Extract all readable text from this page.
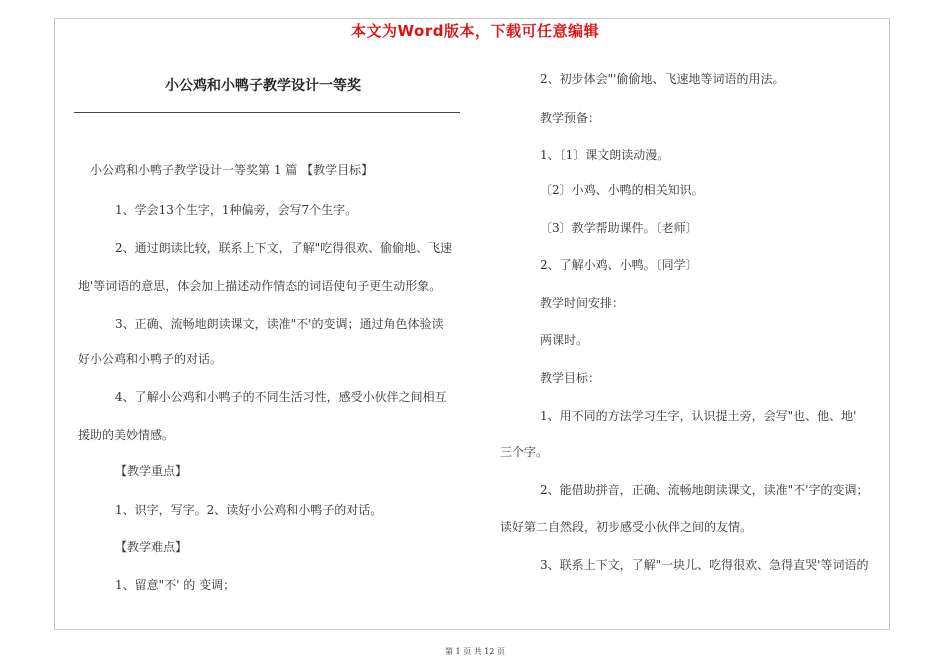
本文为Word版本，下载可任意编辑
小公鸡和小鸭子教学设计一等奖
小公鸡和小鸭子教学设计一等奖第 1 篇 【教学目标】
1、学会13个生字，1种偏旁，会写7个生字。
2、通过朗读比较，联系上下文，了解"吃得很欢、偷偷地、飞速
地'等词语的意思，体会加上描述动作情态的词语使句子更生动形象。
3、正确、流畅地朗读课文，读准"不'的变调；通过角色体验读
好小公鸡和小鸭子的对话。
4、了解小公鸡和小鸭子的不同生活习性，感受小伙伴之间相互
援助的美妙情感。
【教学重点】
1、识字，写字。2、读好小公鸡和小鸭子的对话。
【教学难点】
1、留意"不' 的 变调；
2、初步体会"'偷偷地、飞速地等词语的用法。
教学预备：
1、〔1〕课文朗读动漫。
〔2〕小鸡、小鸭的相关知识。
〔3〕教学帮助课件。〔老师〕
2、了解小鸡、小鸭。〔同学〕
教学时间安排：
两课时。
教学目标：
1、用不同的方法学习生字，认识提土旁，会写"也、他、地'
三个字。
2、能借助拼音，正确、流畅地朗读课文，读准"不'字的变调；
读好第二自然段，初步感受小伙伴之间的友情。
3、联系上下文，了解"一块儿、吃得很欢、急得直哭'等词语的
第 1 页 共 12 页
